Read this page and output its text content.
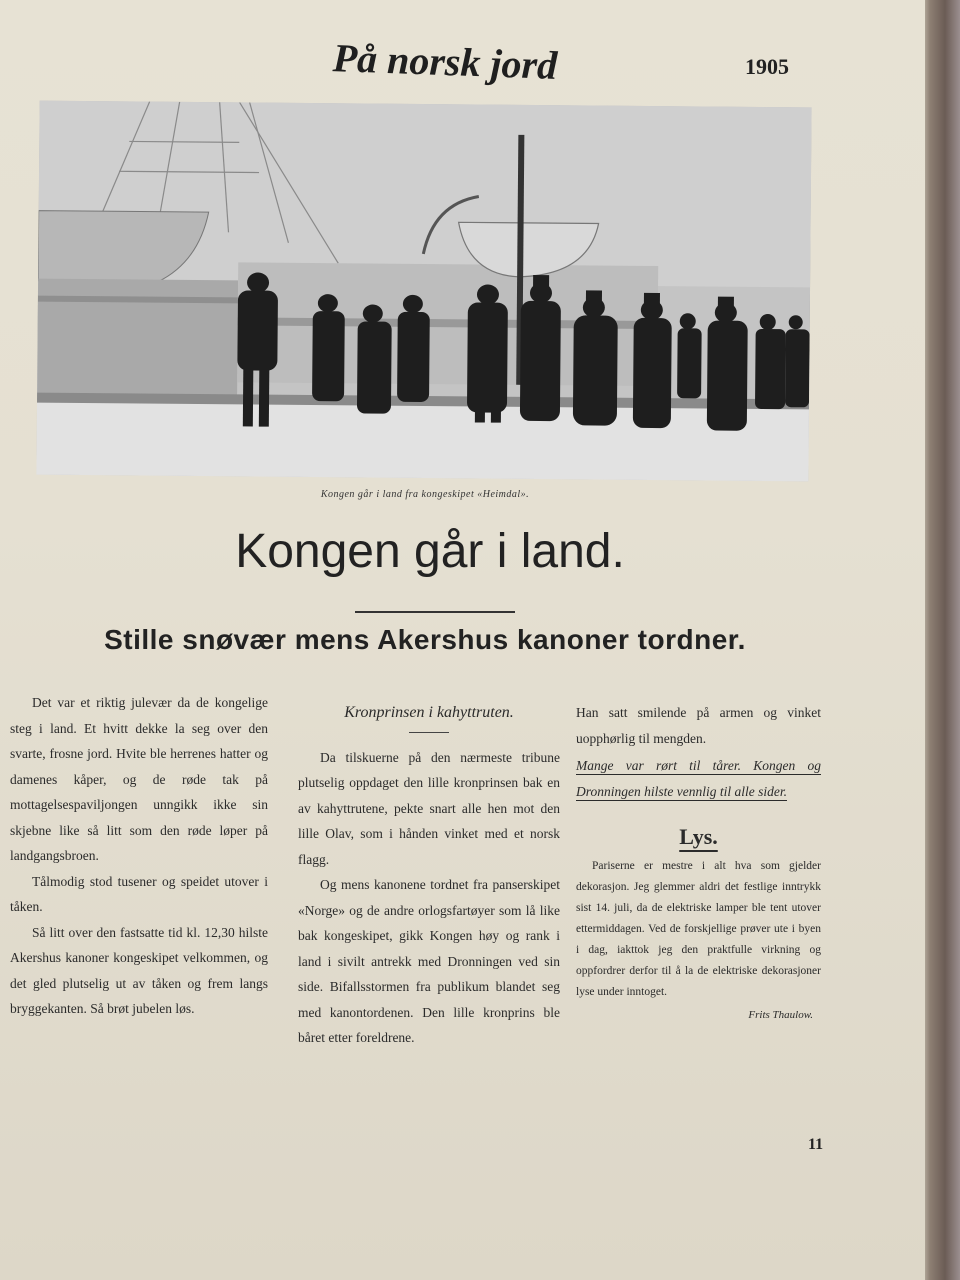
På norsk jord	1905
Kongen går i land fra kongeskipet «Heimdal».
Kongen går i land.
Stille snøvær mens Akershus kanoner tordner.

Det var et riktig julevær da de kongelige steg i land. Et hvitt dekke la seg over den svarte, frosne jord. Hvite ble herrenes hatter og damenes kåper, og de røde tak på mottagelsespaviljongen unngikk ikke sin skjebne like så litt som den røde løper på landgangsbroen.

Tålmodig stod tusener og speidet utover i tåken.

Så litt over den fastsatte tid kl. 12,30 hilste Akershus kanoner kongeskipet velkommen, og det gled plutselig ut av tåken og frem langs bryggekanten. Så brøt jubelen løs.

Kronprinsen i kahyttruten.

Da tilskuerne på den nærmeste tribune plutselig oppdaget den lille kronprinsen bak en av kahyttrutene, pekte snart alle hen mot den lille Olav, som i hånden vinket med et norsk flagg.

Og mens kanonene tordnet fra panserskipet «Norge» og de andre orlogsfartøyer som lå like bak kongeskipet, gikk Kongen høy og rank i land i sivilt antrekk med Dronningen ved sin side. Bifallsstormen fra publikum blandet seg med kanontordenen. Den lille kronprins ble båret etter foreldrene.

Han satt smilende på armen og vinket uopphørlig til mengden.

Mange var rørt til tårer. Kongen og Dronningen hilste vennlig til alle sider.

Lys.

Pariserne er mestre i alt hva som gjelder dekorasjon. Jeg glemmer aldri det festlige inntrykk sist 14. juli, da de elektriske lamper ble tent utover ettermiddagen. Ved de forskjellige prøver ute i byen i dag, iakttok jeg den praktfulle virkning og oppfordrer derfor til å la de elektriske dekorasjoner lyse under inntoget.

Frits Thaulow.

11
